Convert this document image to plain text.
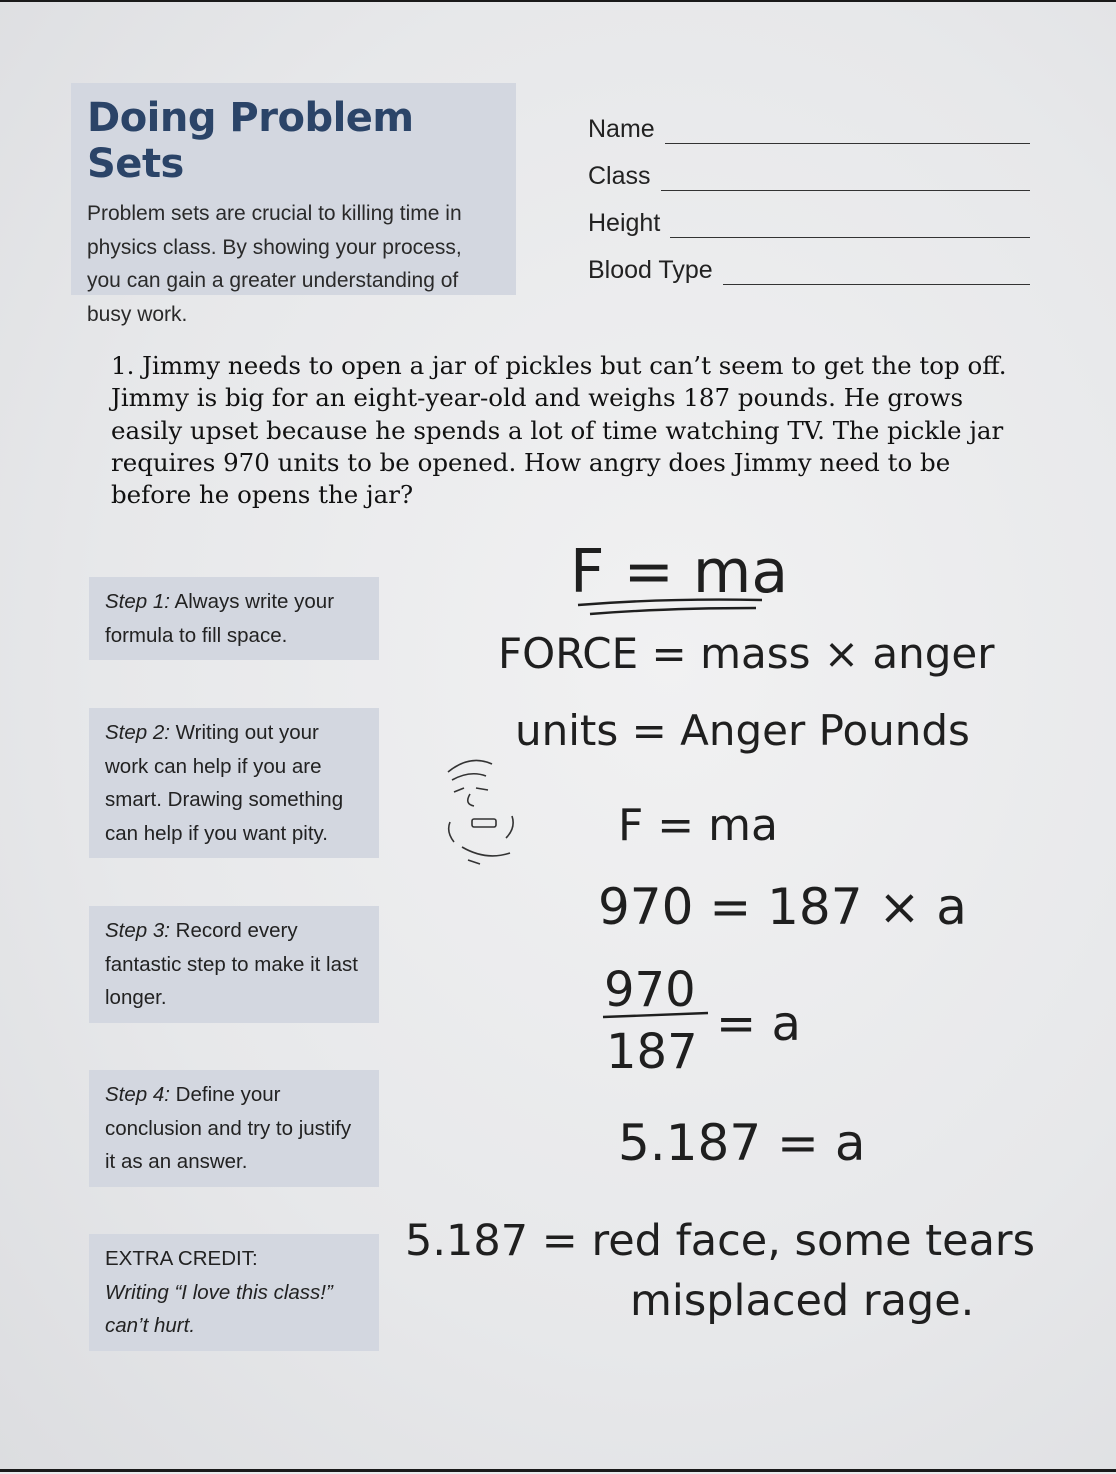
Doing Problem Sets

Problem sets are crucial to killing time in physics class. By showing your process, you can gain a greater understanding of busy work.

Name
Class
Height
Blood Type
1. Jimmy needs to open a jar of pickles but can’t seem to get the top off. Jimmy is big for an eight-year-old and weighs 187 pounds. He grows easily upset because he spends a lot of time watching TV. The pickle jar requires 970 units to be opened. How angry does Jimmy need to be before he opens the jar?
Step 1: Always write your formula to fill space.
Step 2: Writing out your work can help if you are smart. Drawing something can help if you want pity.
Step 3: Record every fantastic step to make it last longer.
Step 4: Define your conclusion and try to justify it as an answer.
EXTRA CREDIT:
Writing “I love this class!” can’t hurt.
F = ma
FORCE = mass × anger
units = Anger Pounds
F = ma
970 = 187 × a
970
187 = a
5.187 = a
5.187 = red face, some tears
misplaced rage.
